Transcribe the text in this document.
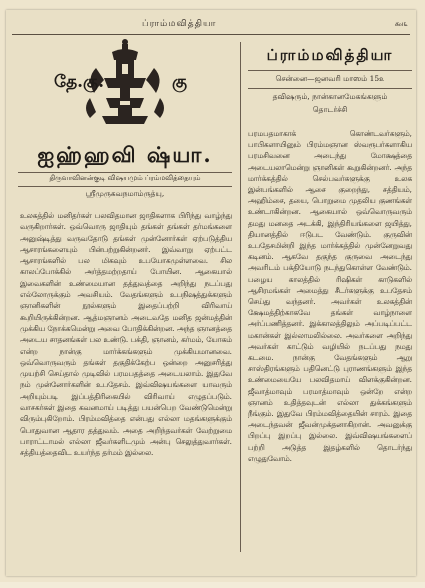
ப்ராம்மவித்தியா	௯௩
தே.கு.	கு
ஐஹ்ஹவி ஷ்யா.
திருவாவினன்குடி விஷயமும் ப்ரம்மவித்தையும்
ஸ்ரீமுருகவநமாம்ருத்யு,
உலகத்தில் மனிதர்கள் பலவிதமான ஜாதிகளாக பிரிந்து வாழ்ந்து வருகிறார்கள். ஒவ்வொரு ஜாதியும் தங்கள் தங்கள் தர்மங்களை அனுஷ்டித்து வருவதோடு தங்கள் முன்னோர்கள் ஏற்படுத்திய ஆசாரங்களையும் பின்பற்றுகின்றனர். இவ்வாறு ஏற்பட்ட ஆசாரங்களில் பல மிகவும் உபயோகமுள்ளவை. சில காலப்போக்கில் அர்த்தமற்றதாய் போயின. ஆகையால் இவைகளின் உண்மையான தத்துவத்தை அறிந்து நடப்பது எல்லோருக்கும் அவசியம். வேதங்களும் உபநிஷத்துக்களும் ஞானிகளின் நூல்களும் இதைப்பற்றி விரிவாய் கூறியிருக்கின்றன. ஆத்மஞானம் அடைவதே மனித ஜன்மத்தின் முக்கிய நோக்கமென்று அவை போதிக்கின்றன. அந்த ஞானத்தை அடைய சாதனங்கள் பல உண்டு. பக்தி, ஞானம், கர்மம், யோகம் என்ற நான்கு மார்க்கங்களும் முக்கியமானவை. ஒவ்வொருவரும் தங்கள் தகுதிக்கேற்ப ஒன்றை அனுசரித்து முயற்சி செய்தால் முடிவில் பரமபதத்தை அடையலாம். இதுவே நம் முன்னோர்களின் உபதேசம். இவ்விஷயங்களை யாவரும் அறியும்படி இப்பத்திரிகையில் விரிவாய் எழுதப்படும். வாசகர்கள் இதை கவனமாய் படித்து பயன்பெற வேண்டுமென்று விரும்புகிறோம். பிரம்மவித்தை என்பது எல்லா மதங்களுக்கும் பொதுவான ஆதார தத்துவம். அதை அறிந்தவர்கள் வேற்றுமை பாராட்டாமல் எல்லா ஜீவர்களிடமும் அன்பு செலுத்துவார்கள். சத்தியத்தைவிட உயர்ந்த தர்மம் இல்லை.
ப்ராம்மவித்தியா
சென்னை—ஜனவரி மாஸம் 15௨
தவிஷரும், நான்கானமேகங்களும்
தொடர்ச்சி
பரமபதமாகாக் கொண்டவர்களும், பாபிகளாயினும் பிரம்மஞான ஸ்வரூபர்களாகிய பரமசிவனை அடைந்து மோக்ஷத்தை அடையலாமென்று ஞானிகள் கூறுகின்றனர். அந்த மார்க்கத்தில் செல்பவர்களுக்கு உலக இன்பங்களில் ஆசை குறைந்து, சத்தியம், அஹிம்சை, தயை, பொறுமை முதலிய குணங்கள் உண்டாகின்றன. ஆகையால் ஒவ்வொருவரும் தமது மனதை அடக்கி, இந்திரியங்களை ஜயித்து, தியானத்தில் ஈடுபட வேண்டும். குருவின் உபதேசமின்றி இந்த மார்க்கத்தில் முன்னேறுவது கடினம். ஆகவே தகுந்த குருவை அடைந்து அவரிடம் பக்தியோடு நடந்துகொள்ள வேண்டும். பழைய காலத்தில் ரிஷிகள் காடுகளில் ஆசிரமங்கள் அமைத்து சீடர்களுக்கு உபதேசம் செய்து வந்தனர். அவர்கள் உலகத்தின் க்ஷேமத்திற்காகவே தங்கள் வாழ்நாளை அர்ப்பணித்தனர். இக்காலத்திலும் அப்படிப்பட்ட மகான்கள் இல்லாமலில்லை. அவர்களை அறிந்து அவர்கள் காட்டும் வழியில் நடப்பது நமது கடமை. நான்கு வேதங்களும் ஆறு சாஸ்திரங்களும் பதினெட்டு புராணங்களும் இந்த உண்மையையே பலவிதமாய் விளக்குகின்றன. ஜீவாத்மாவும் பரமாத்மாவும் ஒன்றே என்ற ஞானம் உதித்தவுடன் எல்லா துக்கங்களும் நீங்கும். இதுவே பிரம்மவித்தையின் சாரம். இதை அடைந்தவன் ஜீவன்முக்தனாகிறான். அவனுக்கு பிறப்பு இறப்பு இல்லை. இவ்விஷயங்களைப் பற்றி அடுத்த இதழ்களில் தொடர்ந்து எழுதுவோம்.
